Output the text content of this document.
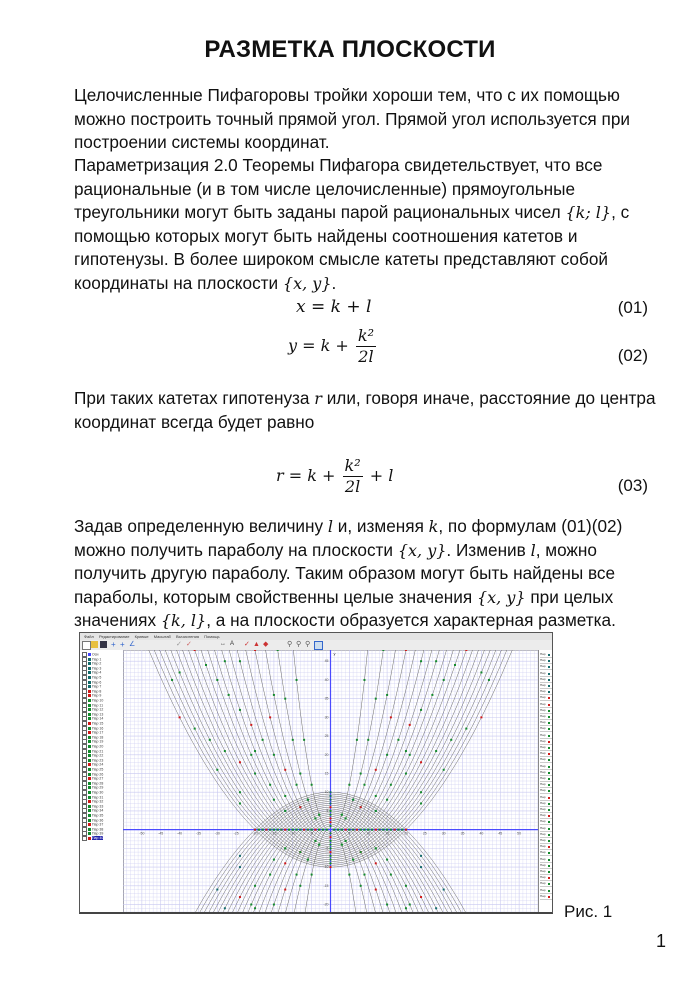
РАЗМЕТКА ПЛОСКОСТИ
Целочисленные Пифагоровы тройки хороши тем, что с их помощью можно построить точный прямой угол. Прямой угол используется при построении системы координат.
Параметризация 2.0 Теоремы Пифагора свидетельствует, что все рациональные (и в том числе целочисленные) прямоугольные треугольники могут быть заданы парой рациональных чисел {k; l}, с помощью которых могут быть найдены соотношения катетов и гипотенузы. В более широком смысле катеты представляют собой координаты на плоскости {x, y}.
x = k + l	(01)
$y = k + \frac{\text{k²}}{2l}$	(02)
При таких катетах гипотенуза r или, говоря иначе, расстояние до центра координат всегда будет равно
$r = k + \frac{\text{k²}}{2l} + l$
(03)
Задав определенную величину l и, изменяя k, по формулам (01)(02) можно получить параболу на плоскости {x, y}. Изменив l, можно получить другую параболу. Таким образом могут быть найдены все параболы, которым свойственны целые значения {x, y} при целых значениях {k, l}, а на плоскости образуется характерная разметка.
Файл Редактирование Кривые Масштаб Вычисления Помощь
+ + ∠	✓ ✓	↔ A	✓ ▲ ◆	⚲ ⚲ ⚲
Оси
Пар 1
Пар 2
Пар 3
Пар 4
Пар 5
Пар 6
Пар 7
Пар 8
Пар 9
Пар 10
Пар 11
Пар 12
Пар 13
Пар 14
Пар 15
Пар 16
Пар 17
Пар 18
Пар 19
Пар 20
Пар 21
Пар 22
Пар 23
Пар 24
Пар 25
Пар 26
Пар 27
Пар 28
Пар 29
Пар 30
Пар 31
Пар 32
Пар 33
Пар 34
Пар 35
Пар 36
Пар 37
Пар 38
Пар 39
Пар 40
-50	-45	-40	-35	-30	-25	-20	-15	-10	-5	0	5	10	15	20	25	30	35	40	45	50
-20
-15
-10
-5
5
10
15
20
25
30
35
40
45
y	Пар
Пар
Пар
Пар
Пар
Пар
Пар
Пар
Пар
Пар
Пар
Пар
Пар
Пар
Пар
Пар
Пар
Пар
Пар
Пар
Пар
Пар
Пар
Пар
Пар
Пар
Пар
Пар
Пар
Пар
Пар
Пар
Пар
Пар
Пар
Пар
Пар
Пар
Пар
Пар
Рис. 1
1
